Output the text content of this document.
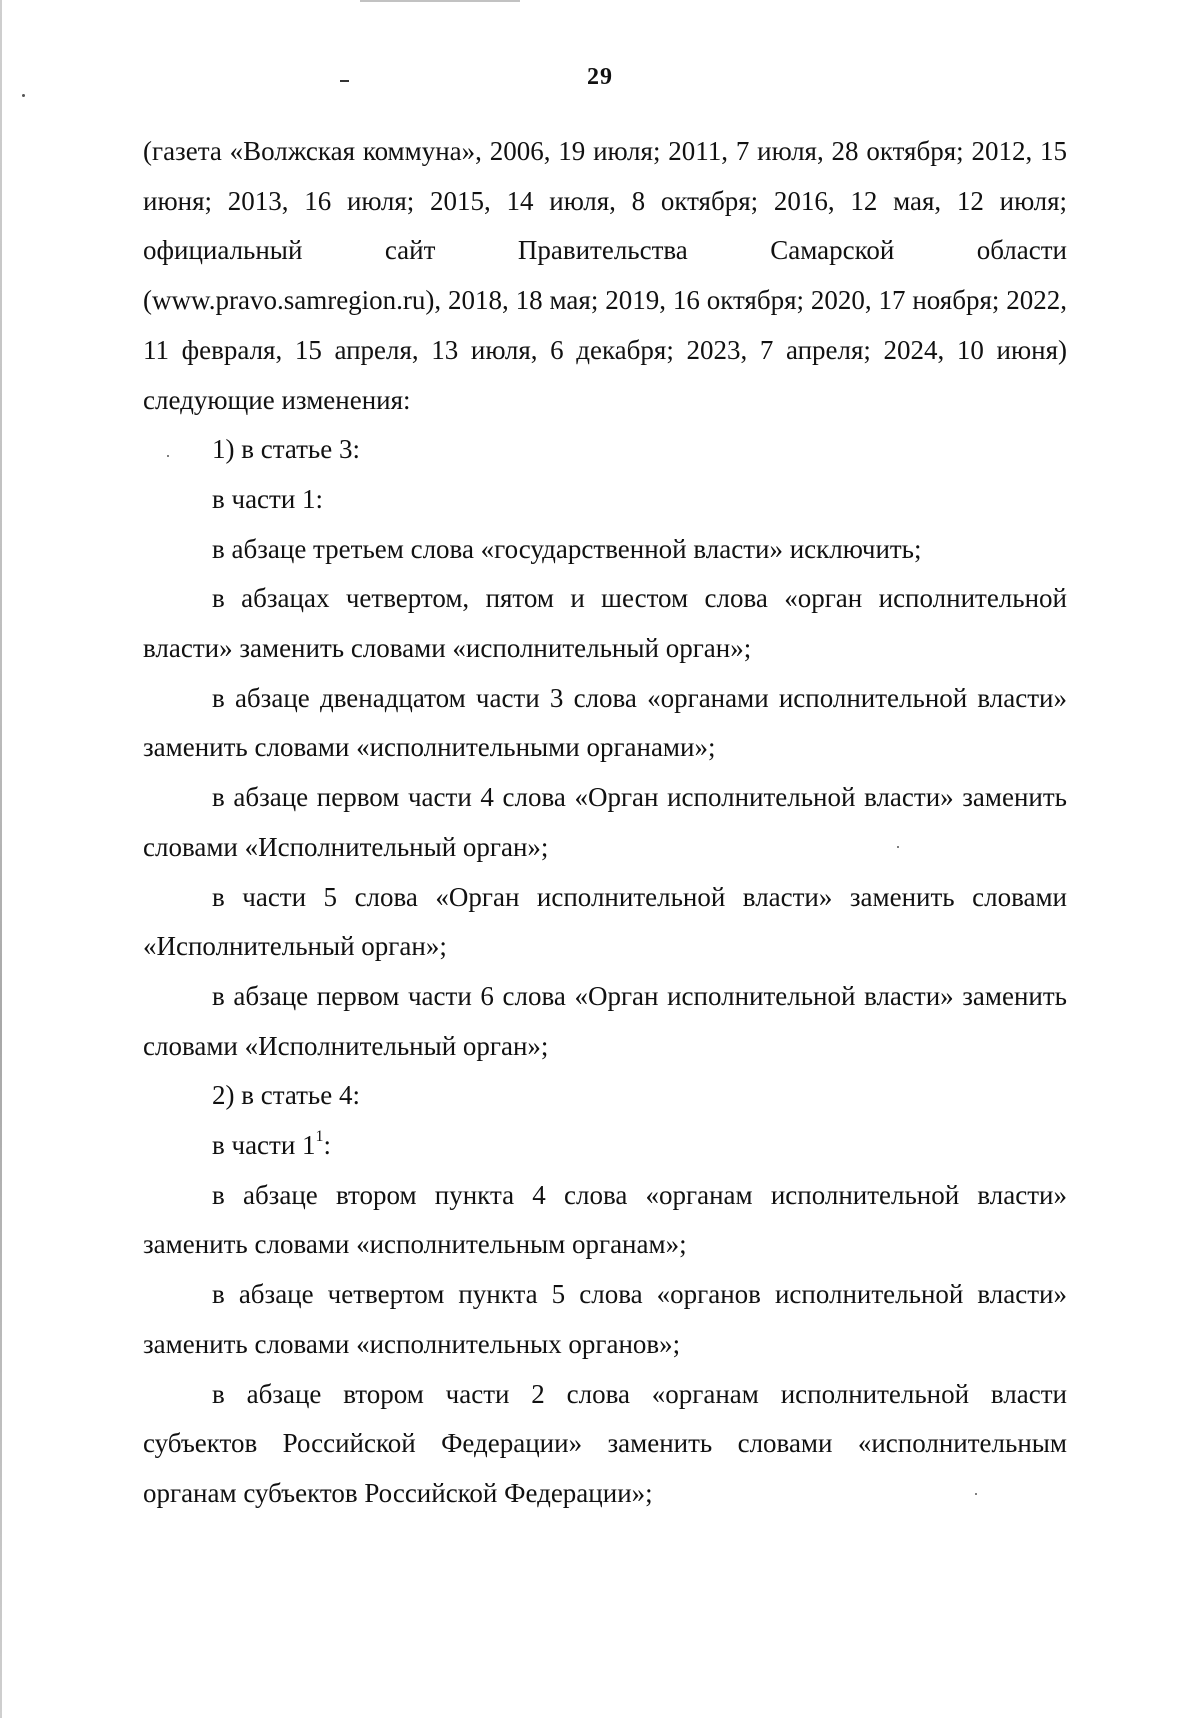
29

(газета «Волжская коммуна», 2006, 19 июля; 2011, 7 июля, 28 октября; 2012, 15 июня; 2013, 16 июля; 2015, 14 июля, 8 октября; 2016, 12 мая, 12 июля; официальный сайт Правительства Самарской области (www.pravo.samregion.ru), 2018, 18 мая; 2019, 16 октября; 2020, 17 ноября; 2022, 11 февраля, 15 апреля, 13 июля, 6 декабря; 2023, 7 апреля; 2024, 10 июня) следующие изменения:

1) в статье 3:

в части 1:

в абзаце третьем слова «государственной власти» исключить;

в абзацах четвертом, пятом и шестом слова «орган исполнительной власти» заменить словами «исполнительный орган»;

в абзаце двенадцатом части 3 слова «органами исполнительной власти» заменить словами «исполнительными органами»;

в абзаце первом части 4 слова «Орган исполнительной власти» заменить словами «Исполнительный орган»;

в части 5 слова «Орган исполнительной власти» заменить словами «Исполнительный орган»;

в абзаце первом части 6 слова «Орган исполнительной власти» заменить словами «Исполнительный орган»;

2) в статье 4:

в части $1^1$:

в абзаце втором пункта 4 слова «органам исполнительной власти» заменить словами «исполнительным органам»;

в абзаце четвертом пункта 5 слова «органов исполнительной власти» заменить словами «исполнительных органов»;

в абзаце втором части 2 слова «органам исполнительной власти субъектов Российской Федерации» заменить словами «исполнительным органам субъектов Российской Федерации»;
